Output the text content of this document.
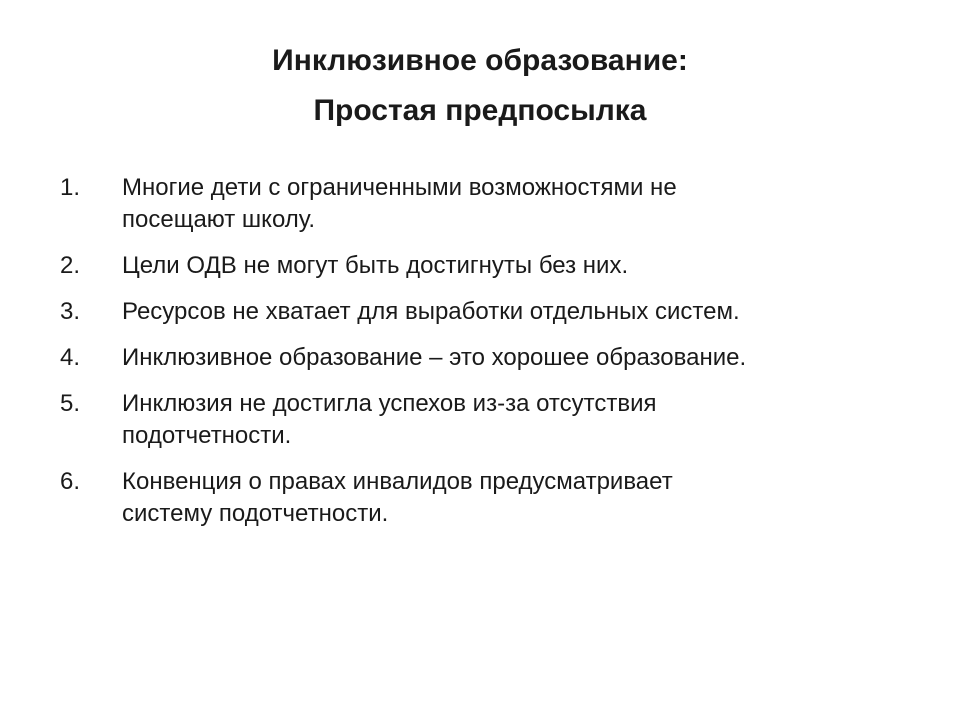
Инклюзивное образование:
Простая предпосылка
1.	Многие дети с ограниченными возможностями не
посещают школу.
2.	Цели ОДВ не могут быть достигнуты без них.
3.	Ресурсов не хватает для выработки отдельных систем.
4.	Инклюзивное образование – это хорошее образование.
5.	Инклюзия не достигла успехов из-за отсутствия
подотчетности.
6.	Конвенция о правах инвалидов предусматривает
систему подотчетности.
